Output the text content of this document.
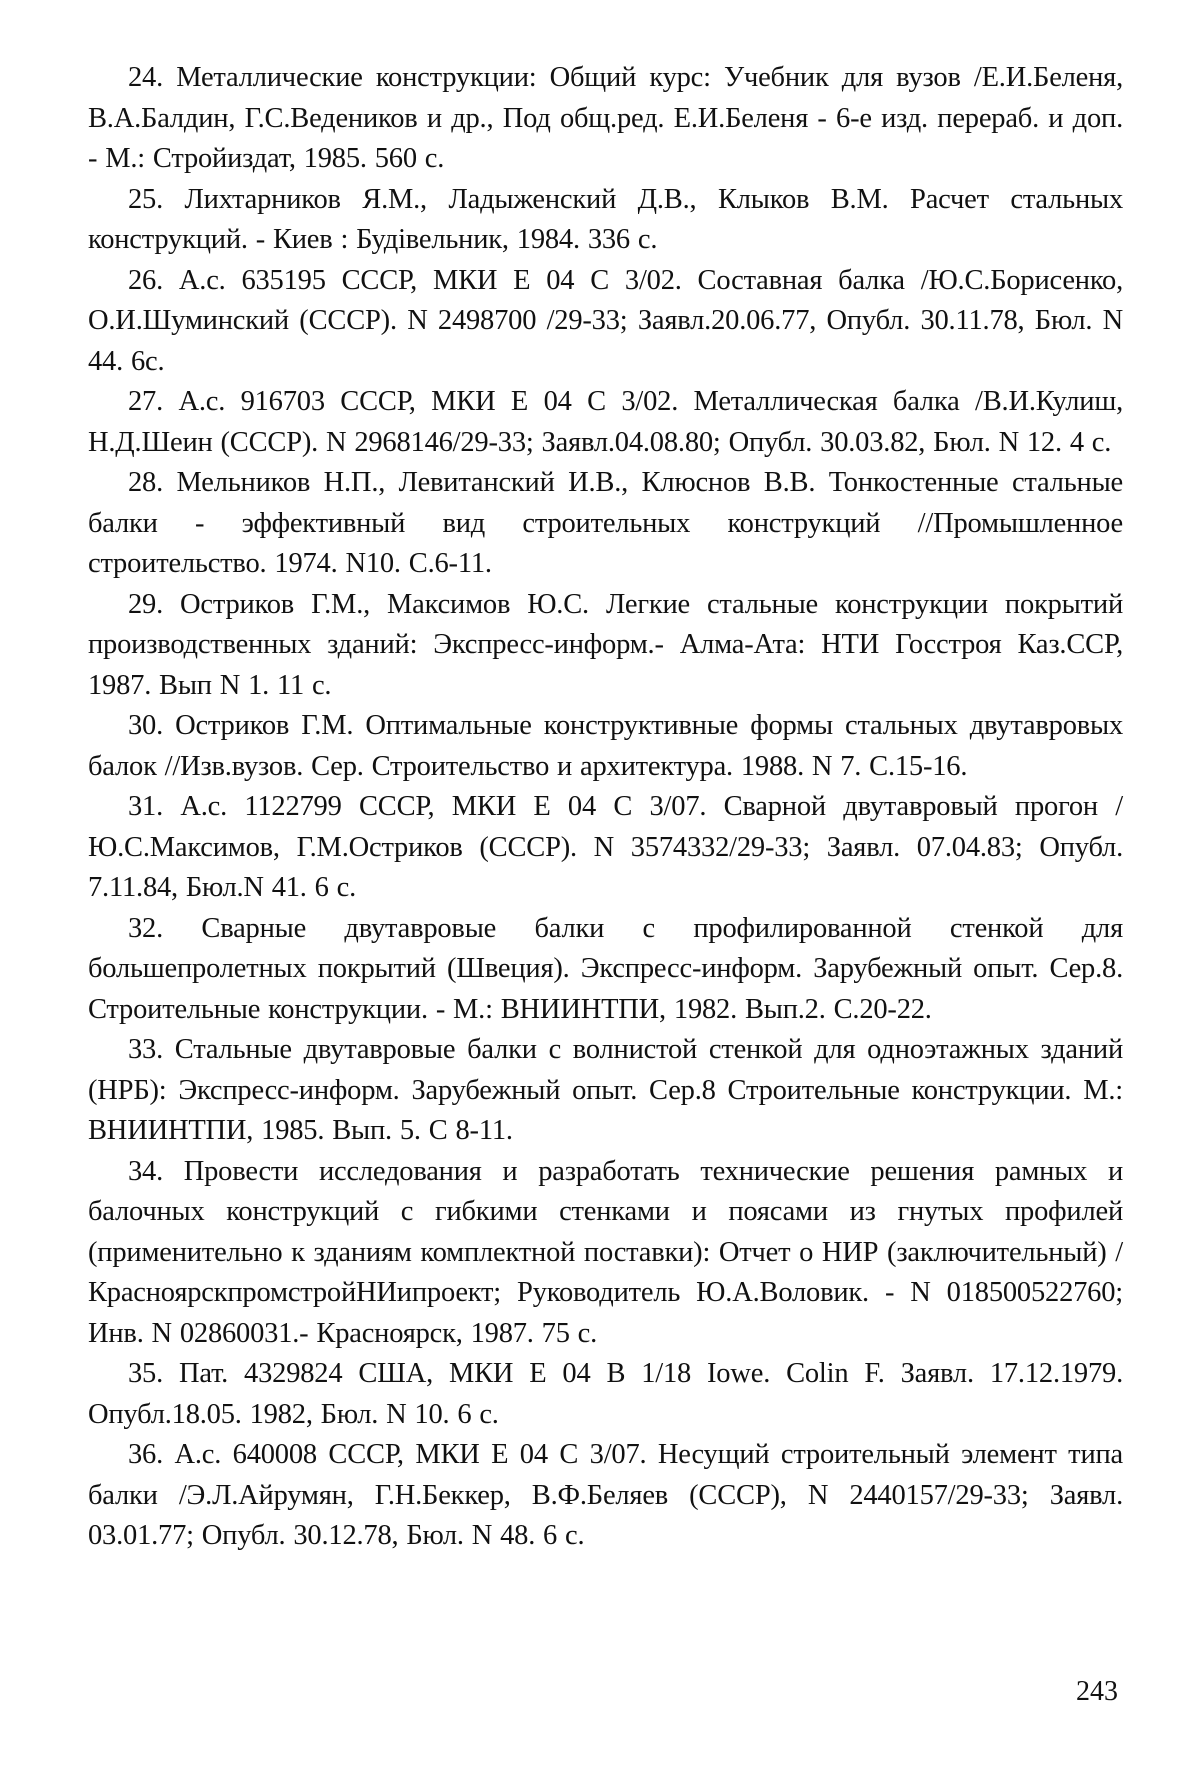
24. Металлические конструкции: Общий курс: Учебник для вузов /Е.И.Беленя, В.А.Балдин, Г.С.Ведеников и др., Под общ.ред. Е.И.Беленя - 6-е изд. перераб. и доп. - М.: Стройиздат, 1985. 560 с.

25. Лихтарников Я.М., Ладыженский Д.В., Клыков В.М. Расчет стальных конструкций. - Киев : Будiвельник, 1984. 336 с.

26. А.с. 635195 СССР, МКИ Е 04 С 3/02. Составная балка /Ю.С.Борисенко, О.И.Шуминский (СССР). N 2498700 /29-33; Заявл.20.06.77, Опубл. 30.11.78, Бюл. N 44. 6с.

27. А.с. 916703 СССР, МКИ Е 04 С 3/02. Металлическая балка /В.И.Кулиш, Н.Д.Шеин (СССР). N 2968146/29-33; Заявл.04.08.80; Опубл. 30.03.82, Бюл. N 12. 4 с.

28. Мельников Н.П., Левитанский И.В., Клюснов В.В. Тонкостенные стальные балки - эффективный вид строительных конструкций //Промышленное строительство. 1974. N10. С.6-11.

29. Остриков Г.М., Максимов Ю.С. Легкие стальные конструкции покрытий производственных зданий: Экспресс-информ.- Алма-Ата: НТИ Госстроя Каз.ССР, 1987. Вып N 1. 11 с.

30. Остриков Г.М. Оптимальные конструктивные формы стальных двутавровых балок //Изв.вузов. Сер. Строительство и архитектура. 1988. N 7. С.15-16.

31. А.с. 1122799 СССР, МКИ Е 04 С 3/07. Сварной двутавровый прогон /Ю.С.Максимов, Г.М.Остриков (СССР). N 3574332/29-33; Заявл. 07.04.83; Опубл. 7.11.84, Бюл.N 41. 6 с.

32. Сварные двутавровые балки с профилированной стенкой для большепролетных покрытий (Швеция). Экспресс-информ. Зарубежный опыт. Сер.8. Строительные конструкции. - М.: ВНИИНТПИ, 1982. Вып.2. С.20-22.

33. Стальные двутавровые балки с волнистой стенкой для одноэтажных зданий (НРБ): Экспресс-информ. Зарубежный опыт. Сер.8 Строительные конструкции. М.: ВНИИНТПИ, 1985. Вып. 5. С 8-11.

34. Провести исследования и разработать технические решения рамных и балочных конструкций с гибкими стенками и поясами из гнутых профилей (применительно к зданиям комплектной поставки): Отчет о НИР (заключительный) /КрасноярскпромстройНИипроект; Руководитель Ю.А.Воловик. - N 018500522760; Инв. N 02860031.- Красноярск, 1987. 75 с.

35. Пат. 4329824 США, МКИ Е 04 В 1/18 Iowe. Colin F. Заявл. 17.12.1979. Опубл.18.05. 1982, Бюл. N 10. 6 с.

36. А.с. 640008 СССР, МКИ Е 04 С 3/07. Несущий строительный элемент типа балки /Э.Л.Айрумян, Г.Н.Беккер, В.Ф.Беляев (СССР), N 2440157/29-33; Заявл. 03.01.77; Опубл. 30.12.78, Бюл. N 48. 6 с.

243
